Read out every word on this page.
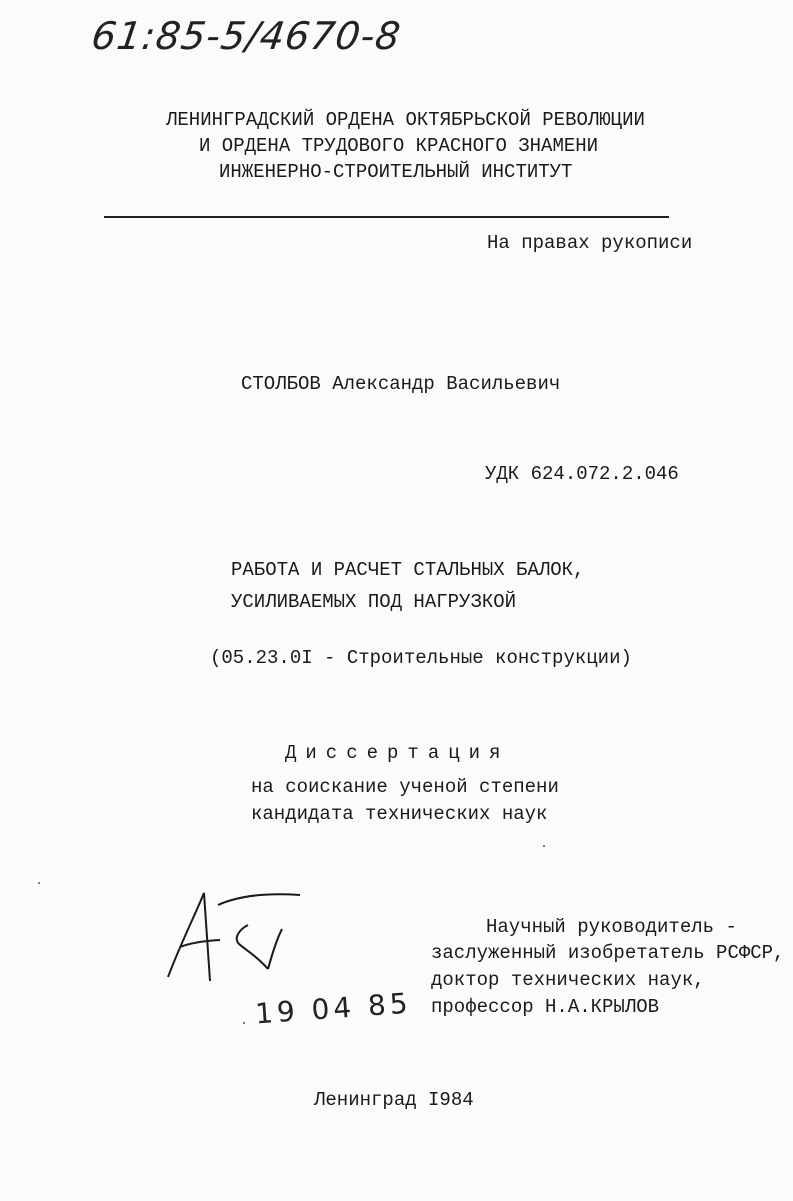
61:85-5/4670-8
ЛЕНИНГРАДСКИЙ ОРДЕНА ОКТЯБРЬСКОЙ РЕВОЛЮЦИИ
И ОРДЕНА ТРУДОВОГО КРАСНОГО ЗНАМЕНИ
ИНЖЕНЕРНО-СТРОИТЕЛЬНЫЙ ИНСТИТУТ
На правах рукописи
СТОЛБОВ Александр Васильевич
УДК 624.072.2.046
РАБОТА И РАСЧЕТ СТАЛЬНЫХ БАЛОК,
УСИЛИВАЕМЫХ ПОД НАГРУЗКОЙ
(05.23.0I - Строительные конструкции)
Диссертация
на соискание ученой степени
кандидата технических наук
Научный руководитель -
заслуженный изобретатель РСФСР,
доктор технических наук,
профессор Н.А.КРЫЛОВ
19 04 85
Ленинград I984
